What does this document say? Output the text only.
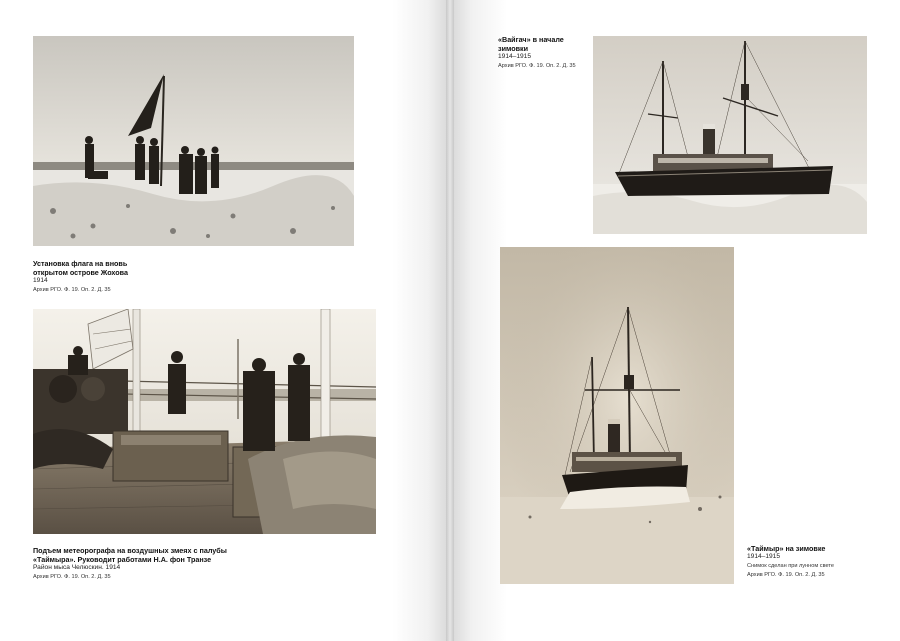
Установка флага на вновь
открытом острове Жохова
1914
Архив РГО. Ф. 19. Оп. 2. Д. 35
Подъем метеорографа на воздушных змеях с палубы
«Таймыра». Руководит работами Н.А. фон Транзе
Район мыса Челюскин. 1914
Архив РГО. Ф. 19. Оп. 2. Д. 35
«Вайгач» в начале
зимовки
1914–1915
Архив РГО. Ф. 19. Оп. 2. Д. 35
«Таймыр» на зимовке
1914–1915
Снимок сделан при лунном свете
Архив РГО. Ф. 19. Оп. 2. Д. 35
